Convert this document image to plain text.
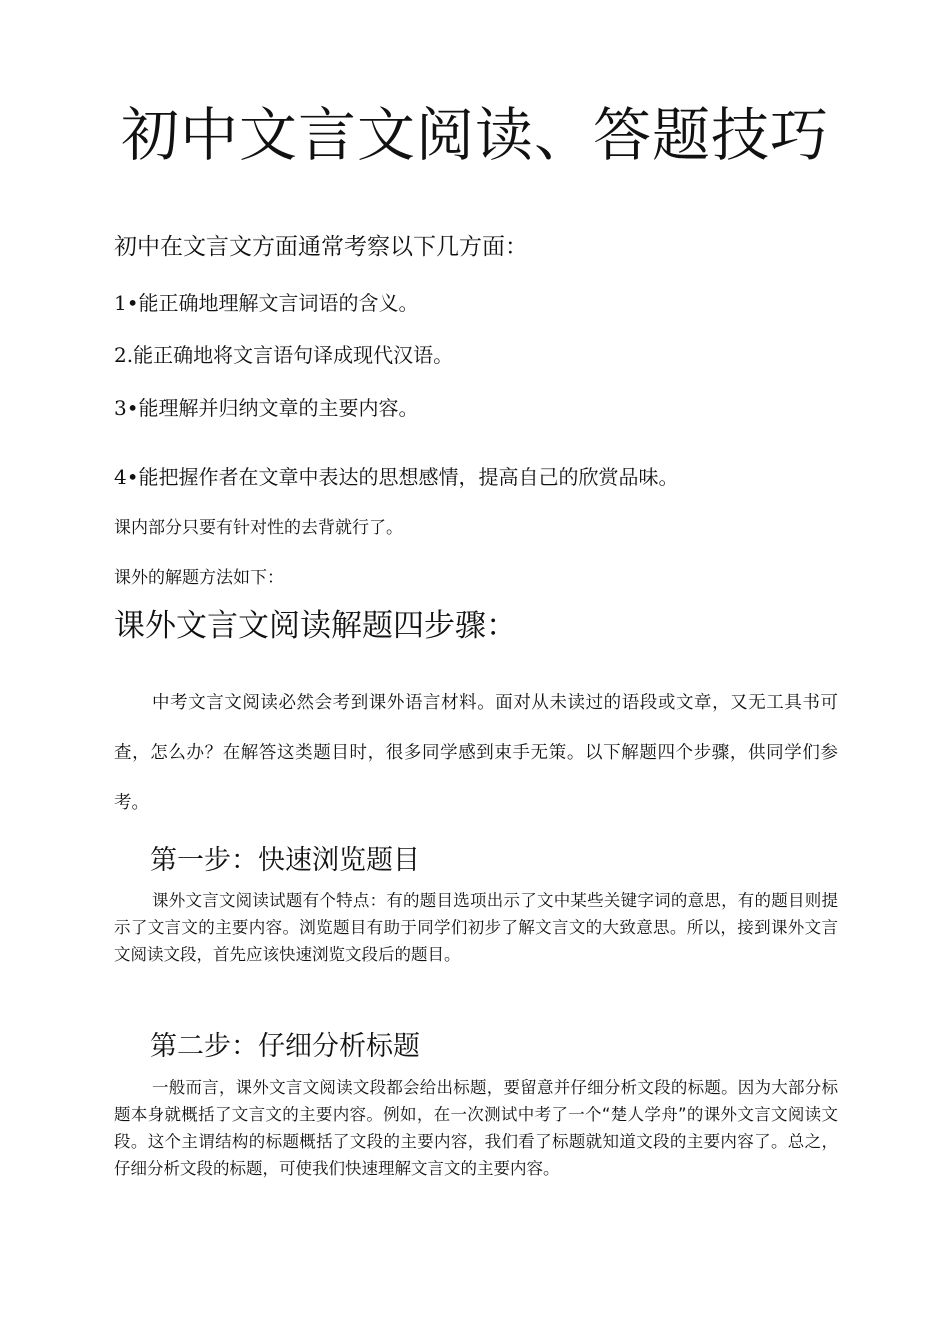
初中文言文阅读、答题技巧

初中在文言文方面通常考察以下几方面：

1•能正确地理解文言词语的含义。

2.能正确地将文言语句译成现代汉语。

3•能理解并归纳文章的主要内容。

4•能把握作者在文章中表达的思想感情，提高自己的欣赏品味。

课内部分只要有针对性的去背就行了。

课外的解题方法如下：

课外文言文阅读解题四步骤：

中考文言文阅读必然会考到课外语言材料。面对从未读过的语段或文章，又无工具书可查，怎么办？在解答这类题目时，很多同学感到束手无策。以下解题四个步骤，供同学们参考。

第一步：快速浏览题目

课外文言文阅读试题有个特点：有的题目选项出示了文中某些关键字词的意思，有的题目则提示了文言文的主要内容。浏览题目有助于同学们初步了解文言文的大致意思。所以，接到课外文言文阅读文段，首先应该快速浏览文段后的题目。

第二步：仔细分析标题

一般而言，课外文言文阅读文段都会给出标题，要留意并仔细分析文段的标题。因为大部分标题本身就概括了文言文的主要内容。例如，在一次测试中考了一个“楚人学舟”的课外文言文阅读文段。这个主谓结构的标题概括了文段的主要内容，我们看了标题就知道文段的主要内容了。总之，仔细分析文段的标题，可使我们快速理解文言文的主要内容。
